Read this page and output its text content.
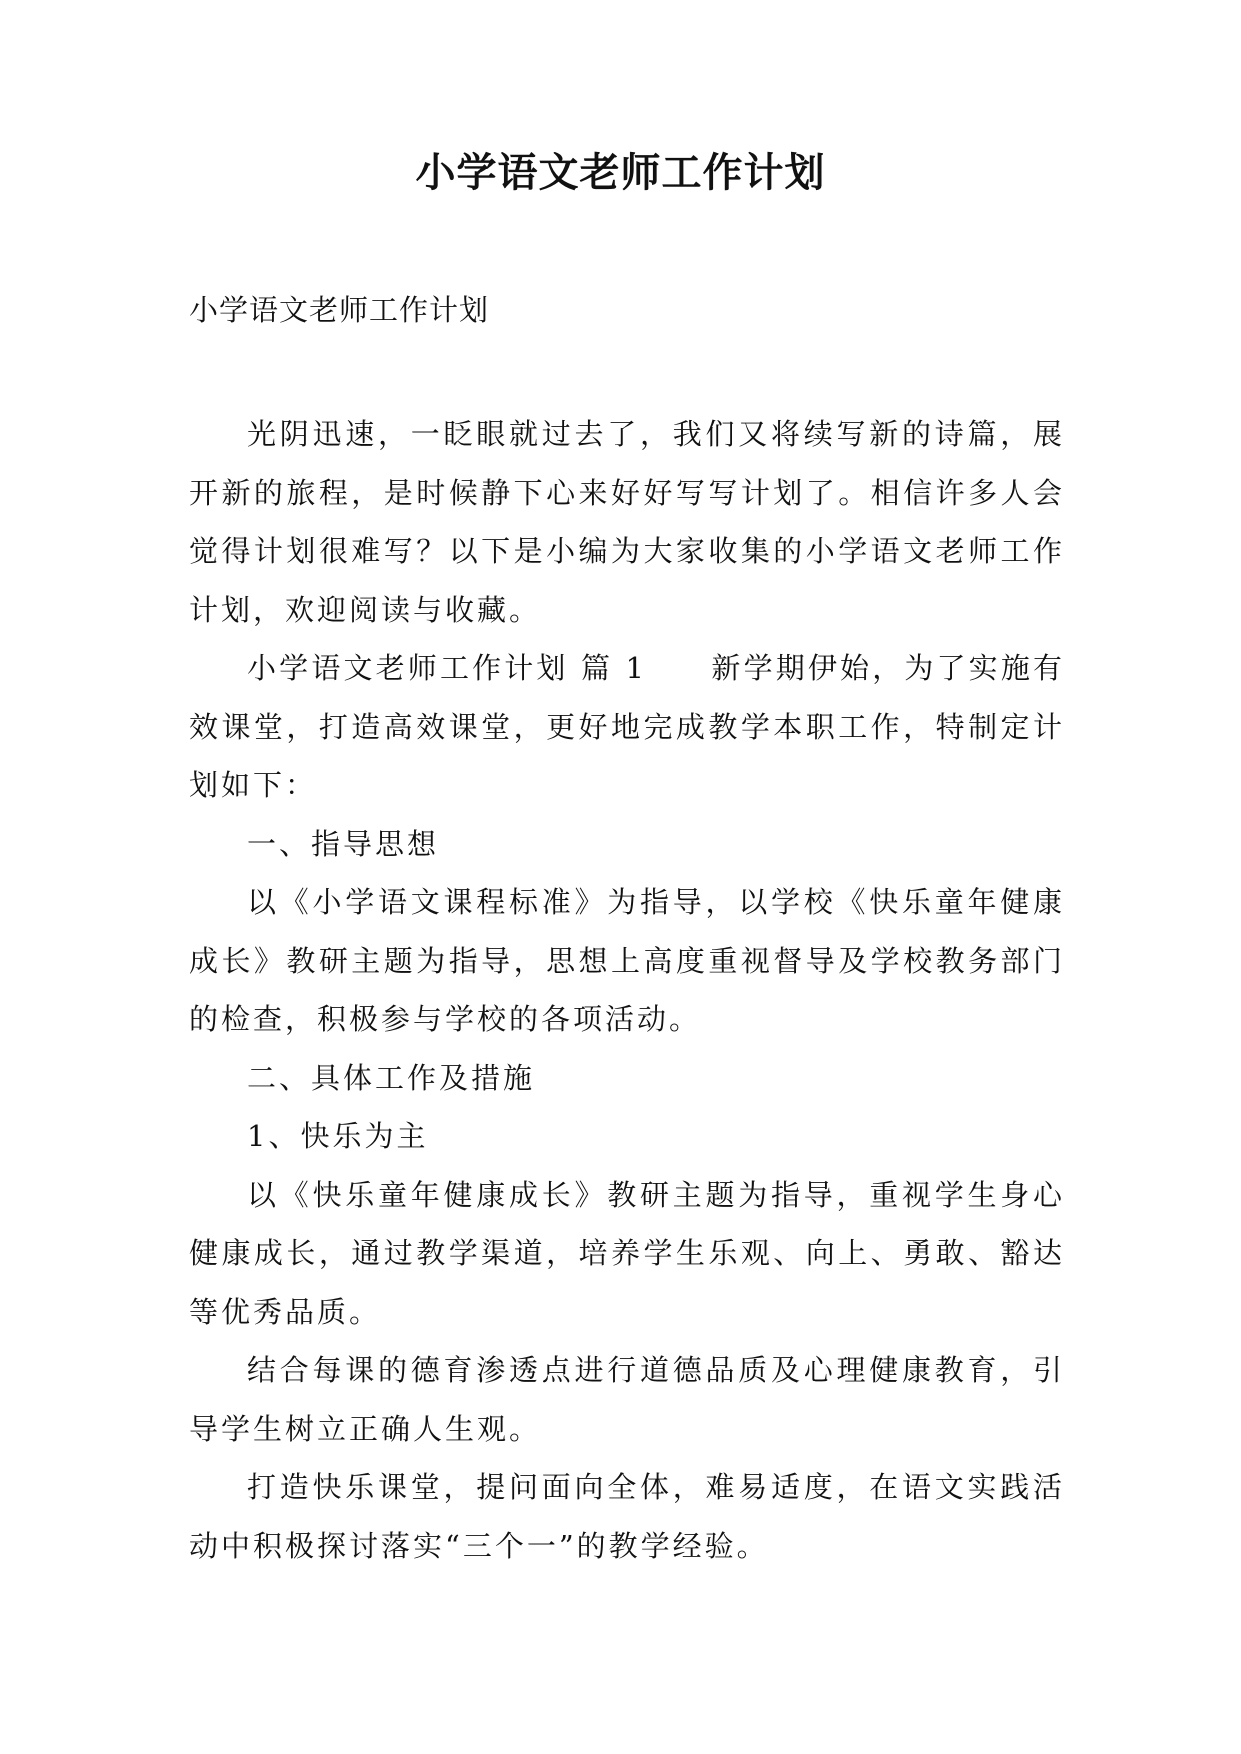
小学语文老师工作计划
小学语文老师工作计划

光阴迅速，一眨眼就过去了，我们又将续写新的诗篇，展开新的旅程，是时候静下心来好好写写计划了。相信许多人会觉得计划很难写？以下是小编为大家收集的小学语文老师工作计划，欢迎阅读与收藏。

小学语文老师工作计划 篇 1　　新学期伊始，为了实施有效课堂，打造高效课堂，更好地完成教学本职工作，特制定计划如下：

一、指导思想

以《小学语文课程标准》为指导，以学校《快乐童年健康成长》教研主题为指导，思想上高度重视督导及学校教务部门的检查，积极参与学校的各项活动。

二、具体工作及措施

1、快乐为主

以《快乐童年健康成长》教研主题为指导，重视学生身心健康成长，通过教学渠道，培养学生乐观、向上、勇敢、豁达等优秀品质。

结合每课的德育渗透点进行道德品质及心理健康教育，引导学生树立正确人生观。

打造快乐课堂，提问面向全体，难易适度，在语文实践活动中积极探讨落实“三个一”的教学经验。
